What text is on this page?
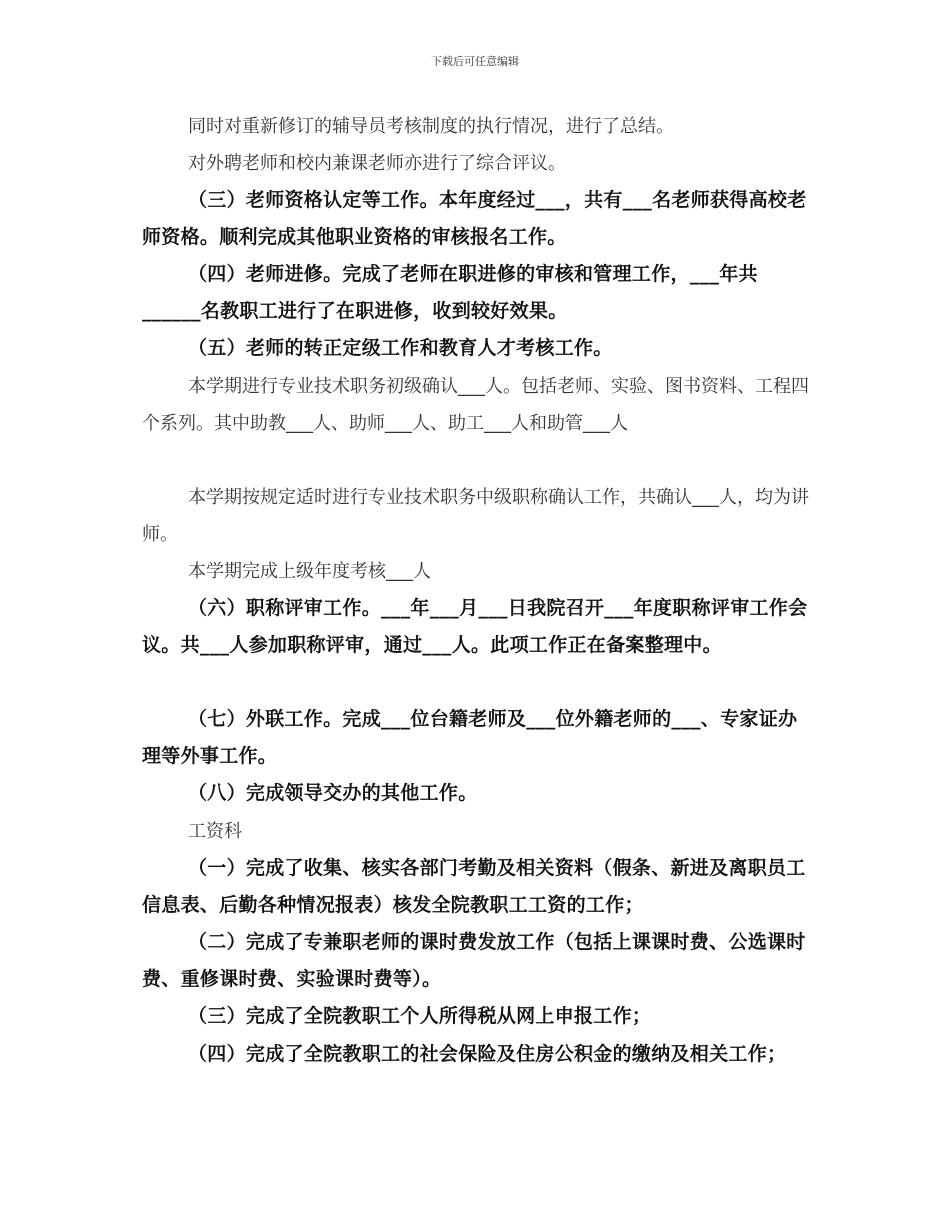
下载后可任意编辑

同时对重新修订的辅导员考核制度的执行情况，进行了总结。

对外聘老师和校内兼课老师亦进行了综合评议。

（三）老师资格认定等工作。本年度经过___，共有___名老师获得高校老师资格。顺利完成其他职业资格的审核报名工作。

（四）老师进修。完成了老师在职进修的审核和管理工作，___年共______名教职工进行了在职进修，收到较好效果。

（五）老师的转正定级工作和教育人才考核工作。

本学期进行专业技术职务初级确认___人。包括老师、实验、图书资料、工程四个系列。其中助教___人、助师___人、助工___人和助管___人

本学期按规定适时进行专业技术职务中级职称确认工作，共确认___人，均为讲师。

本学期完成上级年度考核___人

（六）职称评审工作。___年___月___日我院召开___年度职称评审工作会议。共___人参加职称评审，通过___人。此项工作正在备案整理中。

（七）外联工作。完成___位台籍老师及___位外籍老师的___、专家证办理等外事工作。

（八）完成领导交办的其他工作。

工资科

（一）完成了收集、核实各部门考勤及相关资料（假条、新进及离职员工信息表、后勤各种情况报表）核发全院教职工工资的工作；

（二）完成了专兼职老师的课时费发放工作（包括上课课时费、公选课时费、重修课时费、实验课时费等）。

（三）完成了全院教职工个人所得税从网上申报工作；

（四）完成了全院教职工的社会保险及住房公积金的缴纳及相关工作；
